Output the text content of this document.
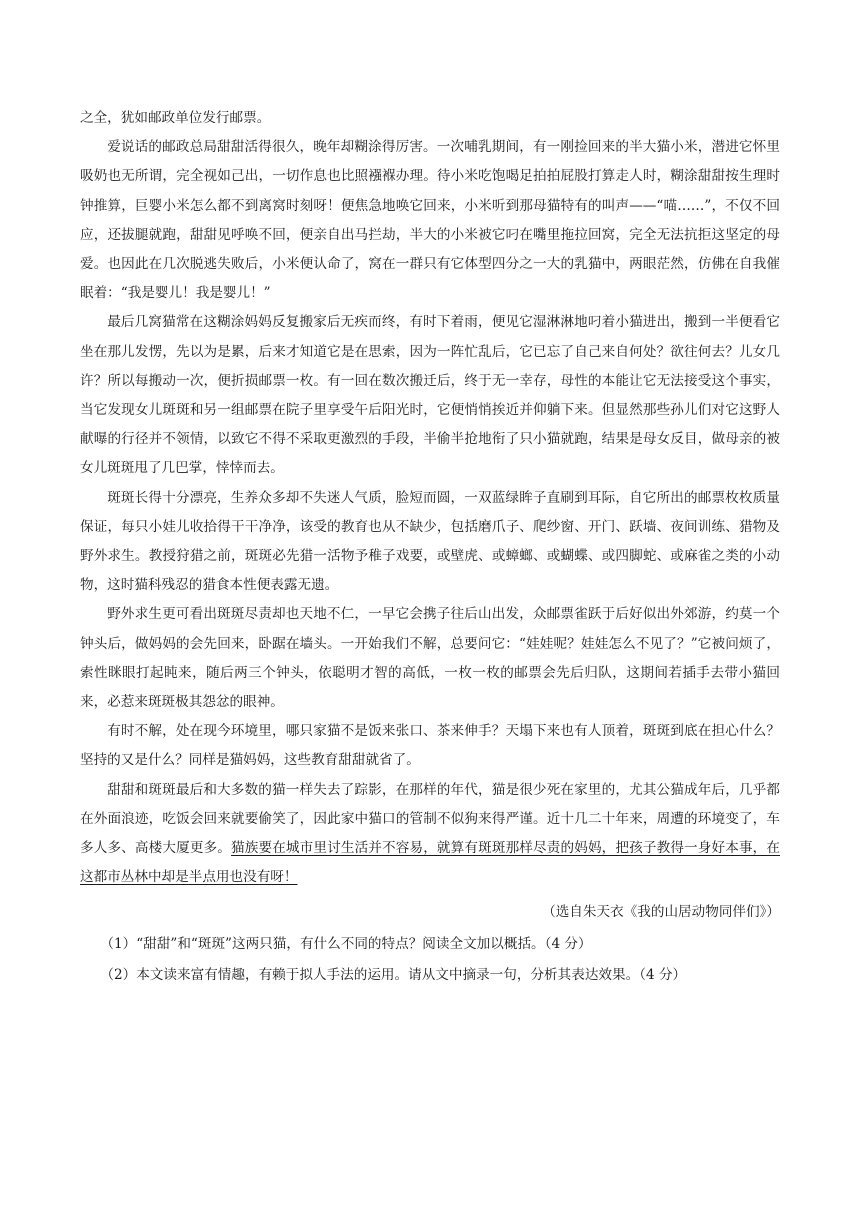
之全，犹如邮政单位发行邮票。

爱说话的邮政总局甜甜活得很久，晚年却糊涂得厉害。一次哺乳期间，有一刚捡回来的半大猫小米，潜进它怀里吸奶也无所谓，完全视如己出，一切作息也比照襁褓办理。待小米吃饱喝足拍拍屁股打算走人时，糊涂甜甜按生理时钟推算，巨婴小米怎么都不到离窝时刻呀！便焦急地唤它回来，小米听到那母猫特有的叫声——“喵……”，不仅不回应，还拔腿就跑，甜甜见呼唤不回，便亲自出马拦劫，半大的小米被它叼在嘴里拖拉回窝，完全无法抗拒这坚定的母爱。也因此在几次脱逃失败后，小米便认命了，窝在一群只有它体型四分之一大的乳猫中，两眼茫然，仿佛在自我催眠着：“我是婴儿！我是婴儿！”

最后几窝猫常在这糊涂妈妈反复搬家后无疾而终，有时下着雨，便见它湿淋淋地叼着小猫进出，搬到一半便看它坐在那儿发愣，先以为是累，后来才知道它是在思索，因为一阵忙乱后，它已忘了自己来自何处？欲往何去？儿女几许？所以每搬动一次，便折损邮票一枚。有一回在数次搬迁后，终于无一幸存，母性的本能让它无法接受这个事实，当它发现女儿斑斑和另一组邮票在院子里享受午后阳光时，它便悄悄挨近并仰躺下来。但显然那些孙儿们对它这野人献曝的行径并不领情，以致它不得不采取更激烈的手段，半偷半抢地衔了只小猫就跑，结果是母女反目，做母亲的被女儿斑斑甩了几巴掌，悻悻而去。

斑斑长得十分漂亮，生养众多却不失迷人气质，脸短而圆，一双蓝绿眸子直刷到耳际，自它所出的邮票枚枚质量保证，每只小娃儿收拾得干干净净，该受的教育也从不缺少，包括磨爪子、爬纱窗、开门、跃墙、夜间训练、猎物及野外求生。教授狩猎之前，斑斑必先猎一活物予稚子戏要，或壁虎、或蟑螂、或蝴蝶、或四脚蛇、或麻雀之类的小动物，这时猫科残忍的猎食本性便表露无遗。

野外求生更可看出斑斑尽责却也天地不仁，一早它会携子往后山出发，众邮票雀跃于后好似出外郊游，约莫一个钟头后，做妈妈的会先回来，卧踞在墙头。一开始我们不解，总要问它：“娃娃呢？娃娃怎么不见了？”它被问烦了，索性眯眼打起盹来，随后两三个钟头，依聪明才智的高低，一枚一枚的邮票会先后归队，这期间若插手去带小猫回来，必惹来斑斑极其怨忿的眼神。

有时不解，处在现今环境里，哪只家猫不是饭来张口、茶来伸手？天塌下来也有人顶着，斑斑到底在担心什么？坚持的又是什么？同样是猫妈妈，这些教育甜甜就省了。

甜甜和斑斑最后和大多数的猫一样失去了踪影，在那样的年代，猫是很少死在家里的，尤其公猫成年后，几乎都在外面浪迹，吃饭会回来就要偷笑了，因此家中猫口的管制不似狗来得严谨。近十几二十年来，周遭的环境变了，车多人多、高楼大厦更多。猫族要在城市里讨生活并不容易，就算有斑斑那样尽责的妈妈，把孩子教得一身好本事，在这都市丛林中却是半点用也没有呀！

（选自朱天衣《我的山居动物同伴们》）

（1）“甜甜”和“斑斑”这两只猫，有什么不同的特点？阅读全文加以概括。（4 分）

（2）本文读来富有情趣，有赖于拟人手法的运用。请从文中摘录一句，分析其表达效果。（4 分）
